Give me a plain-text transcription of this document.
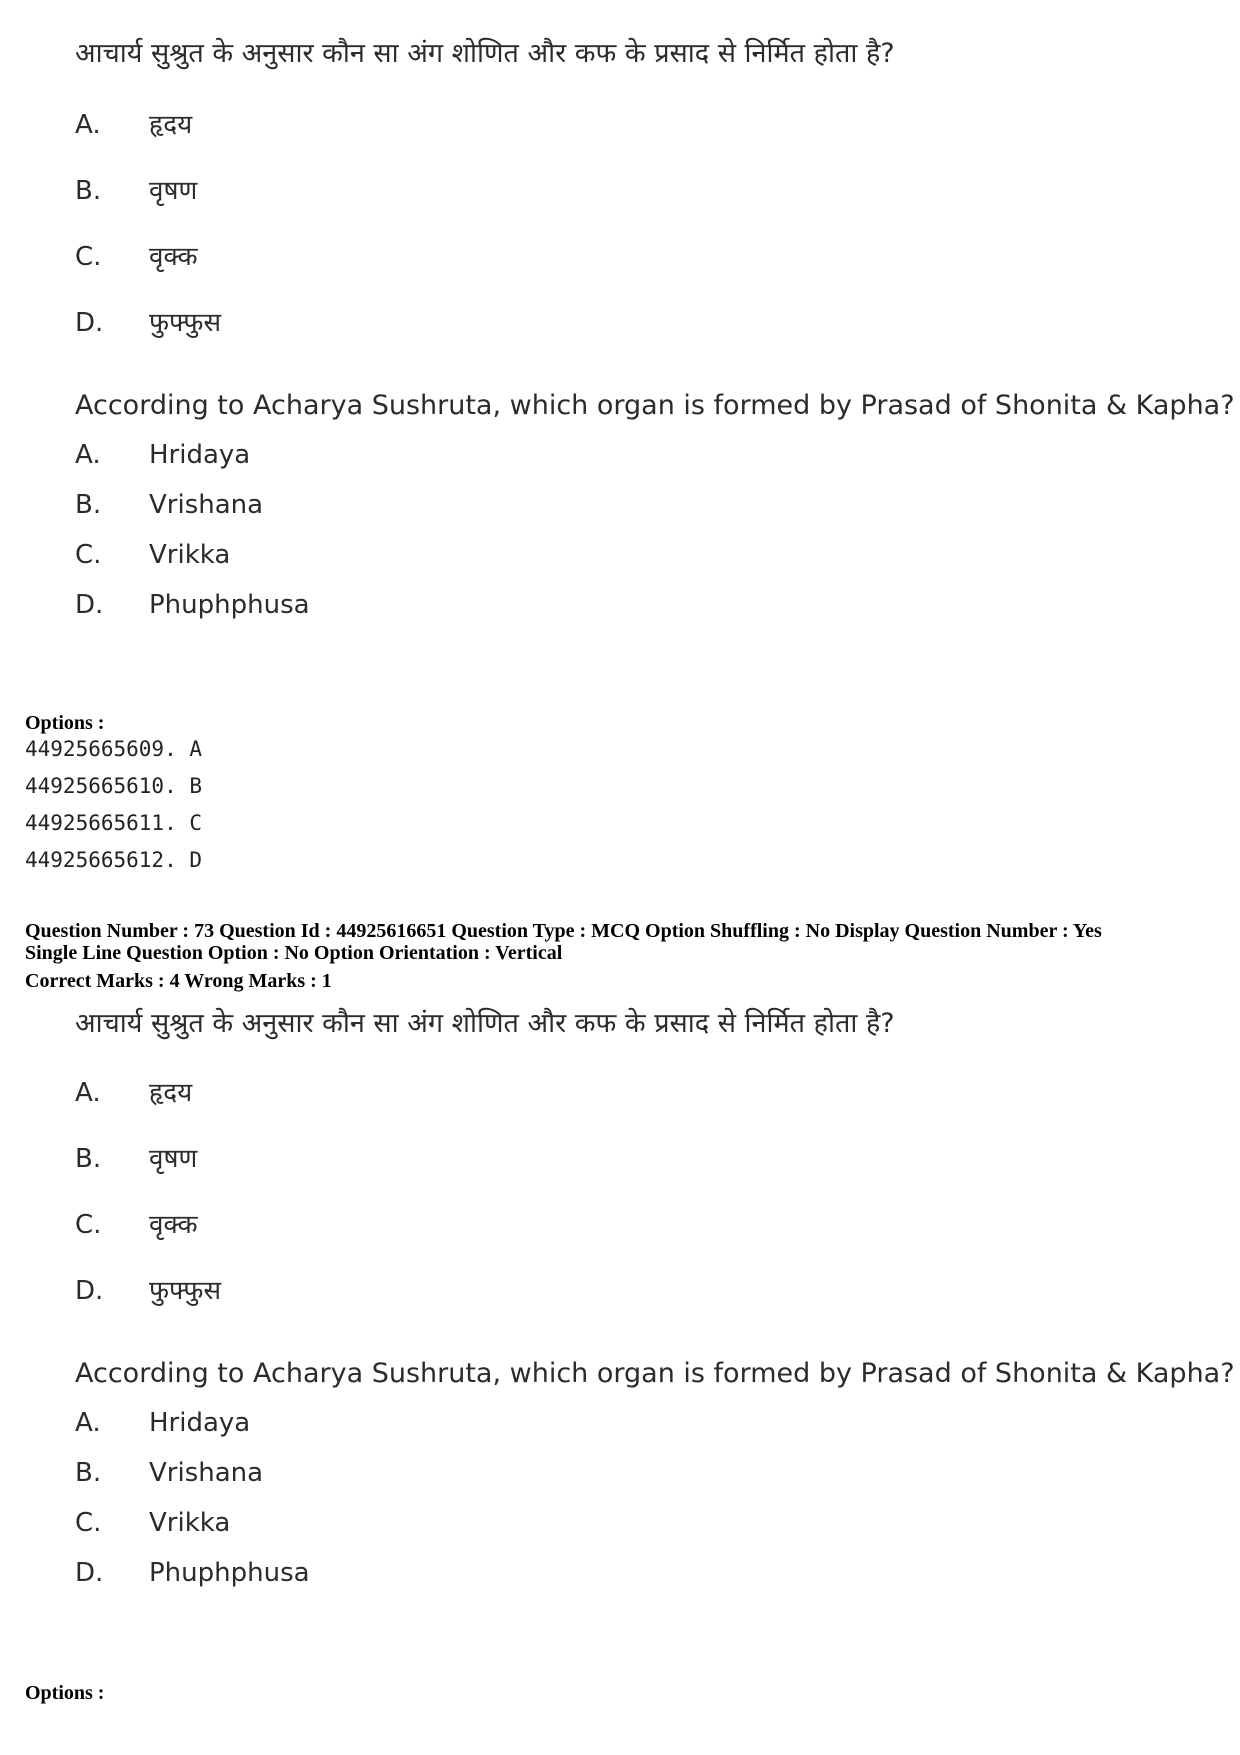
आचार्य सुश्रुत के अनुसार कौन सा अंग शोणित और कफ के प्रसाद से निर्मित होता है?

A.	हृदय
B.	वृषण
C.	वृक्क
D.	फुफ्फुस

According to Acharya Sushruta, which organ is formed by Prasad of Shonita & Kapha?

A.	Hridaya
B.	Vrishana
C.	Vrikka
D.	Phuphphusa
Options :
44925665609. A
44925665610. B
44925665611. C
44925665612. D
Question Number : 73 Question Id : 44925616651 Question Type : MCQ Option Shuffling : No Display Question Number : Yes
Single Line Question Option : No Option Orientation : Vertical
Correct Marks : 4 Wrong Marks : 1

आचार्य सुश्रुत के अनुसार कौन सा अंग शोणित और कफ के प्रसाद से निर्मित होता है?

A.	हृदय
B.	वृषण
C.	वृक्क
D.	फुफ्फुस

According to Acharya Sushruta, which organ is formed by Prasad of Shonita & Kapha?

A.	Hridaya
B.	Vrishana
C.	Vrikka
D.	Phuphphusa
Options :
